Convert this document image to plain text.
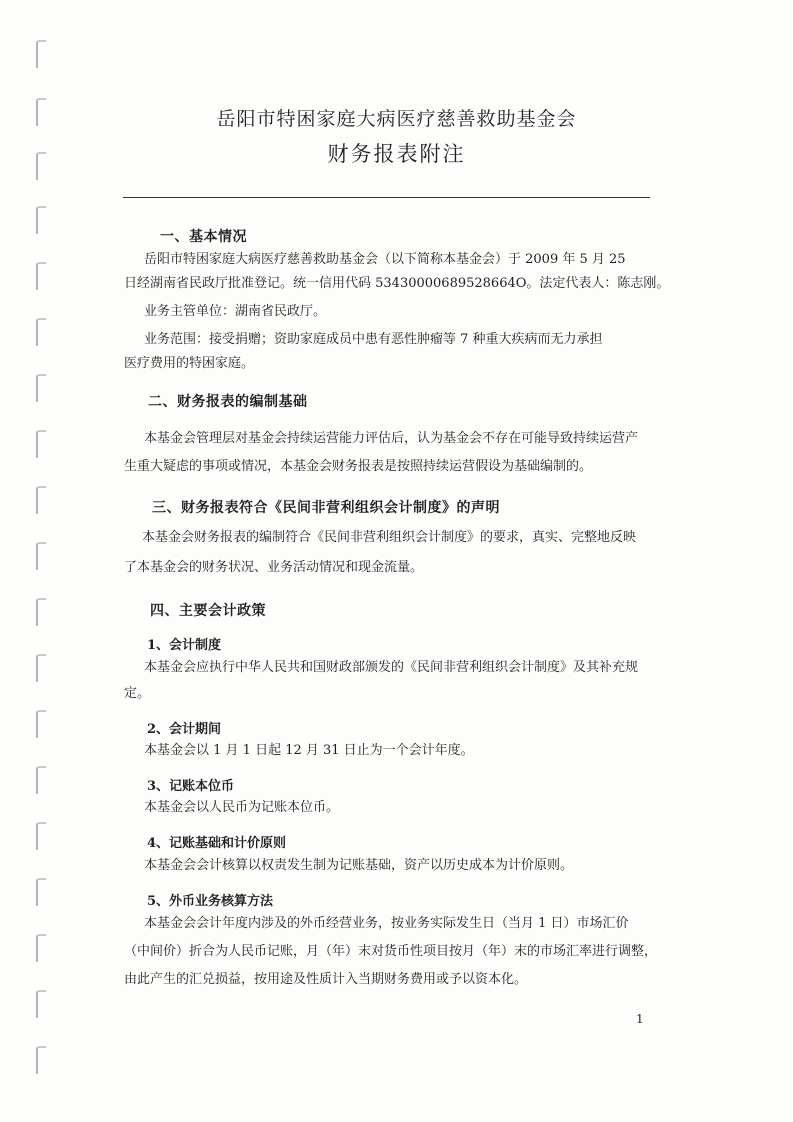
岳阳市特困家庭大病医疗慈善救助基金会
财务报表附注
一、基本情况
岳阳市特困家庭大病医疗慈善救助基金会（以下简称本基金会）于 2009 年 5 月 25
日经湖南省民政厅批准登记。统一信用代码 53430000689528664O。法定代表人：陈志刚。
业务主管单位：湖南省民政厅。
业务范围：接受捐赠；资助家庭成员中患有恶性肿瘤等 7 种重大疾病而无力承担
医疗费用的特困家庭。
二、财务报表的编制基础
本基金会管理层对基金会持续运营能力评估后，认为基金会不存在可能导致持续运营产
生重大疑虑的事项或情况，本基金会财务报表是按照持续运营假设为基础编制的。
三、财务报表符合《民间非营利组织会计制度》的声明
本基金会财务报表的编制符合《民间非营利组织会计制度》的要求，真实、完整地反映
了本基金会的财务状况、业务活动情况和现金流量。
四、主要会计政策
1、会计制度
本基金会应执行中华人民共和国财政部颁发的《民间非营利组织会计制度》及其补充规
定。
2、会计期间
本基金会以 1 月 1 日起 12 月 31 日止为一个会计年度。
3、记账本位币
本基金会以人民币为记账本位币。
4、记账基础和计价原则
本基金会会计核算以权责发生制为记账基础，资产以历史成本为计价原则。
5、外币业务核算方法
本基金会会计年度内涉及的外币经营业务，按业务实际发生日（当月 1 日）市场汇价
（中间价）折合为人民币记账，月（年）末对货币性项目按月（年）末的市场汇率进行调整，
由此产生的汇兑损益，按用途及性质计入当期财务费用或予以资本化。
1
